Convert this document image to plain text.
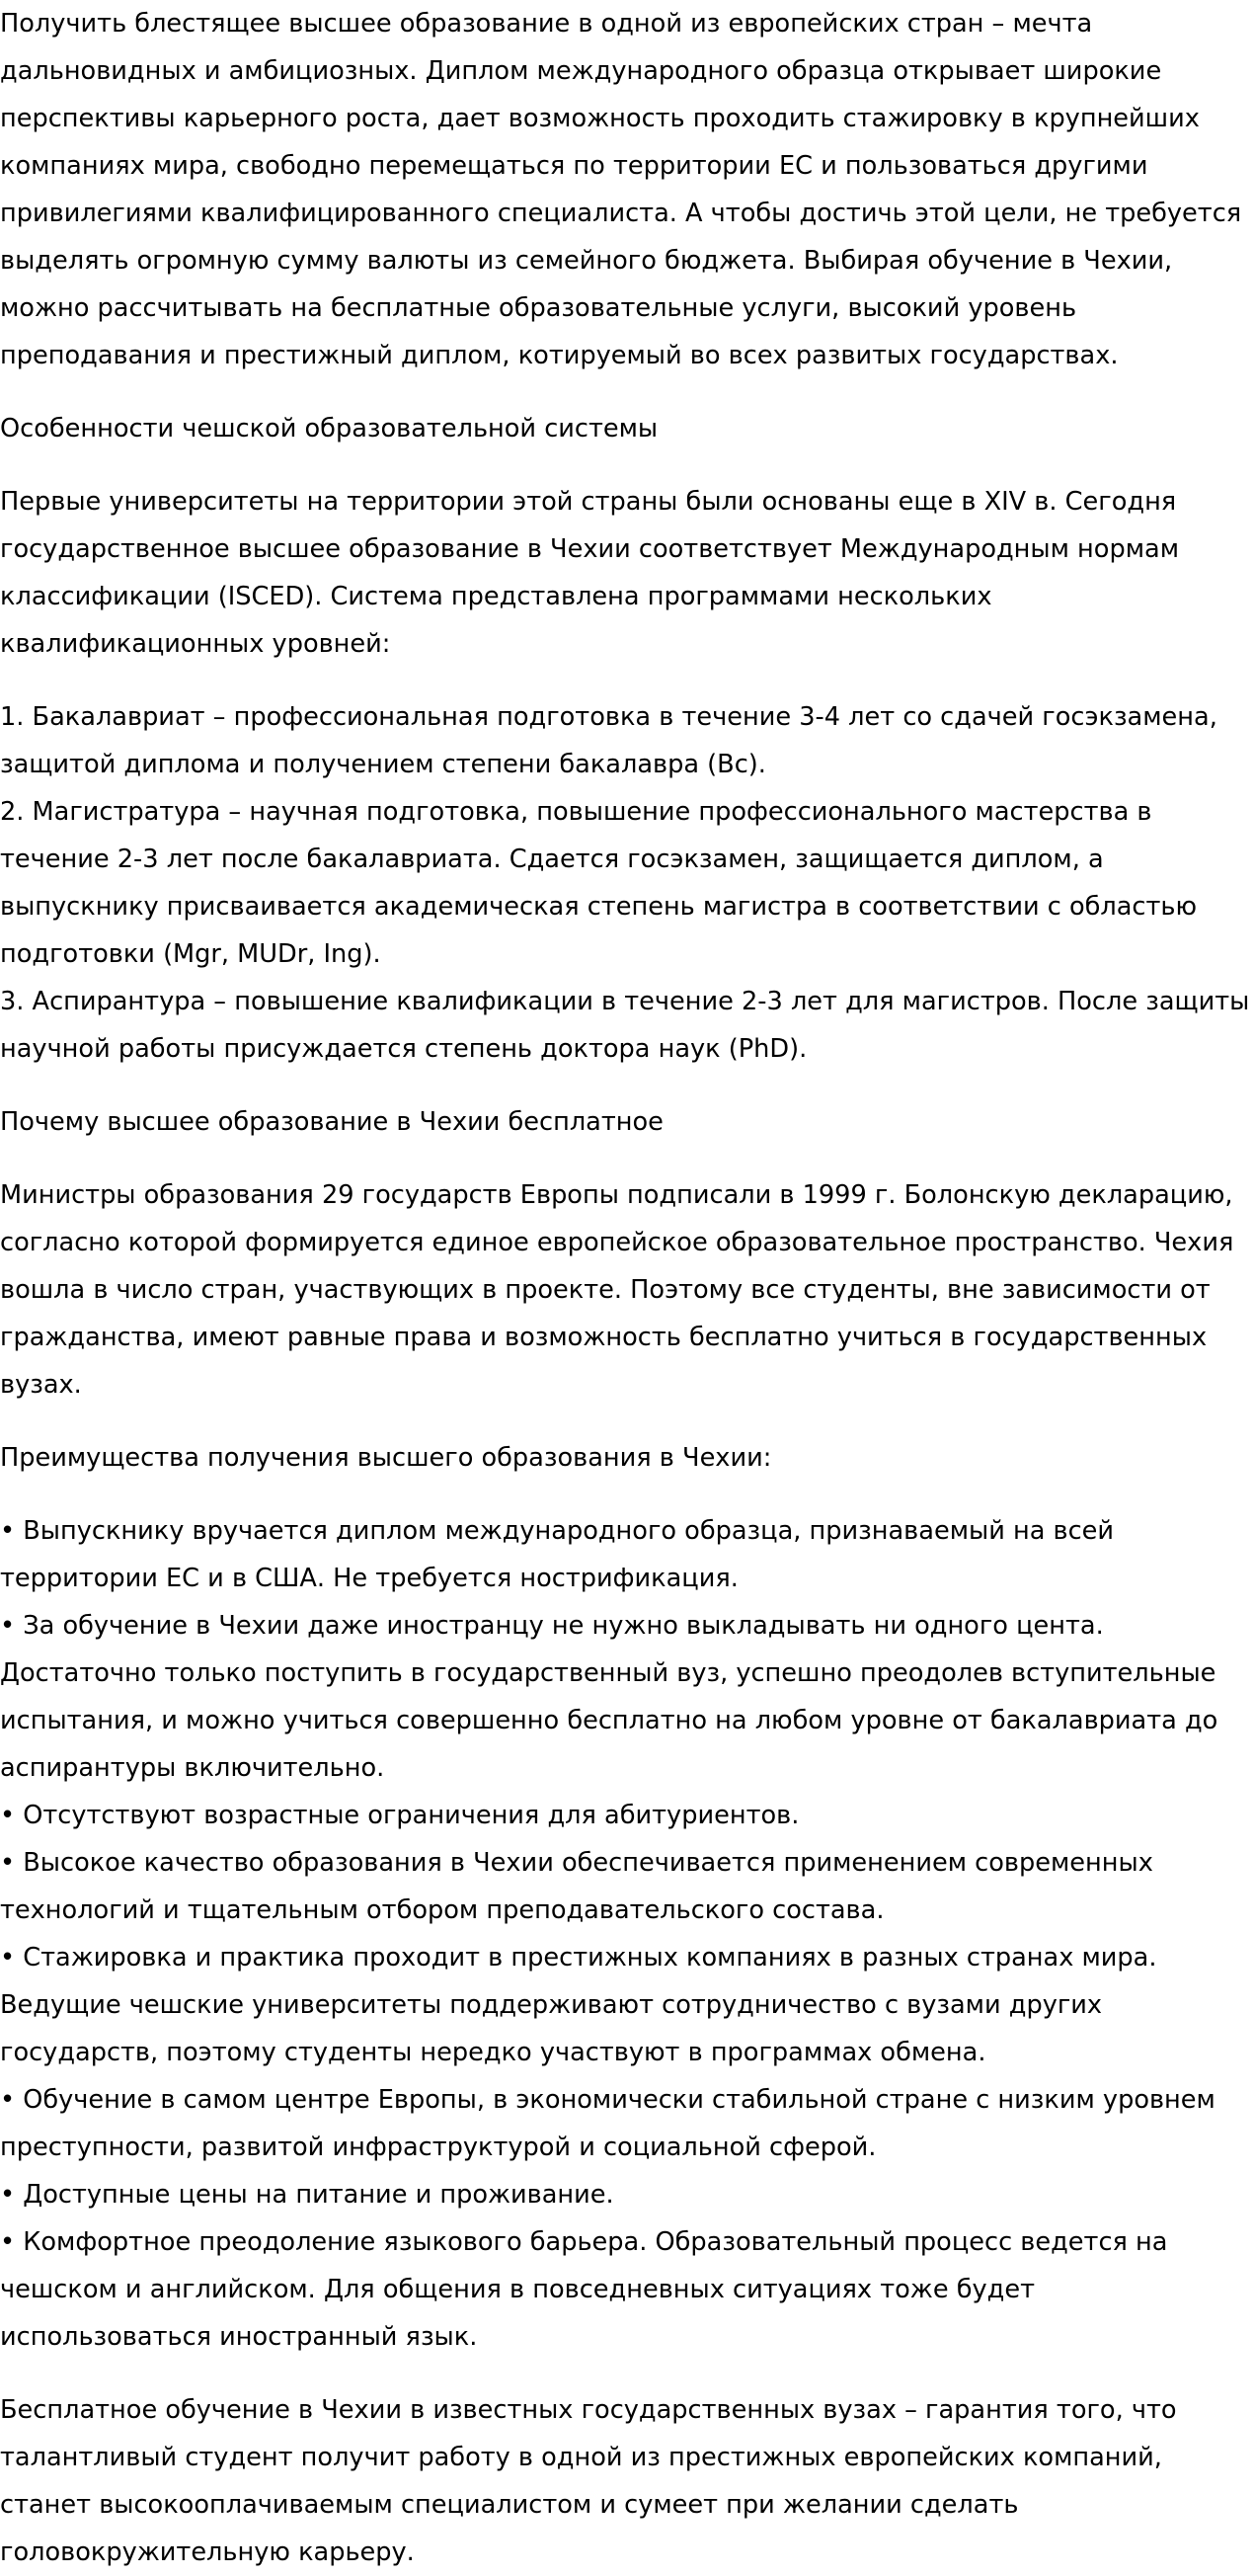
Получить блестящее высшее образование в одной из европейских стран – мечта дальновидных и амбициозных. Диплом международного образца открывает широкие перспективы карьерного роста, дает возможность проходить стажировку в крупнейших компаниях мира, свободно перемещаться по территории ЕС и пользоваться другими привилегиями квалифицированного специалиста. А чтобы достичь этой цели, не требуется выделять огромную сумму валюты из семейного бюджета. Выбирая обучение в Чехии, можно рассчитывать на бесплатные образовательные услуги, высокий уровень преподавания и престижный диплом, котируемый во всех развитых государствах.

Особенности чешской образовательной системы

Первые университеты на территории этой страны были основаны еще в XIV в. Сегодня государственное высшее образование в Чехии соответствует Международным нормам классификации (ISCED). Система представлена программами нескольких квалификационных уровней:

1. Бакалавриат – профессиональная подготовка в течение 3-4 лет со сдачей госэкзамена, защитой диплома и получением степени бакалавра (Bc).
2. Магистратура – научная подготовка, повышение профессионального мастерства в течение 2-3 лет после бакалавриата. Сдается госэкзамен, защищается диплом, а выпускнику присваивается академическая степень магистра в соответствии с областью подготовки (Mgr, MUDr, Ing).
3. Аспирантура – повышение квалификации в течение 2-3 лет для магистров. После защиты научной работы присуждается степень доктора наук (PhD).

Почему высшее образование в Чехии бесплатное

Министры образования 29 государств Европы подписали в 1999 г. Болонскую декларацию, согласно которой формируется единое европейское образовательное пространство. Чехия вошла в число стран, участвующих в проекте. Поэтому все студенты, вне зависимости от гражданства, имеют равные права и возможность бесплатно учиться в государственных вузах.

Преимущества получения высшего образования в Чехии:

• Выпускнику вручается диплом международного образца, признаваемый на всей территории ЕС и в США. Не требуется нострификация.
• За обучение в Чехии даже иностранцу не нужно выкладывать ни одного цента. Достаточно только поступить в государственный вуз, успешно преодолев вступительные испытания, и можно учиться совершенно бесплатно на любом уровне от бакалавриата до аспирантуры включительно.
• Отсутствуют возрастные ограничения для абитуриентов.
• Высокое качество образования в Чехии обеспечивается применением современных технологий и тщательным отбором преподавательского состава.
• Стажировка и практика проходит в престижных компаниях в разных странах мира. Ведущие чешские университеты поддерживают сотрудничество с вузами других государств, поэтому студенты нередко участвуют в программах обмена.
• Обучение в самом центре Европы, в экономически стабильной стране с низким уровнем преступности, развитой инфраструктурой и социальной сферой.
• Доступные цены на питание и проживание.
• Комфортное преодоление языкового барьера. Образовательный процесс ведется на чешском и английском. Для общения в повседневных ситуациях тоже будет использоваться иностранный язык.

Бесплатное обучение в Чехии в известных государственных вузах – гарантия того, что талантливый студент получит работу в одной из престижных европейских компаний, станет высокооплачиваемым специалистом и сумеет при желании сделать головокружительную карьеру.
